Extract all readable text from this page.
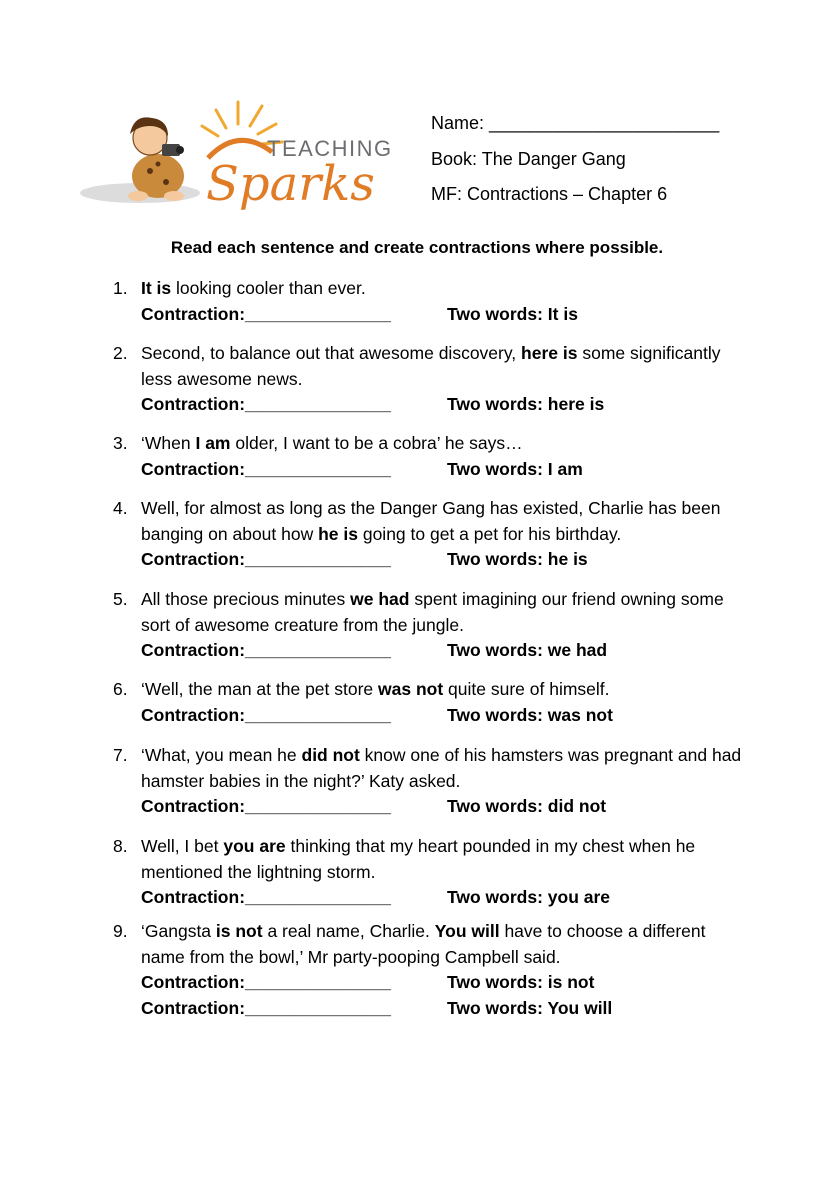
TEACHING
Sparks
Name: _______________________
Book: The Danger Gang
MF: Contractions – Chapter 6
Read each sentence and create contractions where possible.
1. It is looking cooler than ever.
Contraction:_______________	Two words: It is
2. Second, to balance out that awesome discovery, here is some significantly less awesome news.
Contraction:_______________	Two words: here is
3. ‘When I am older, I want to be a cobra’ he says…
Contraction:_______________	Two words: I am
4. Well, for almost as long as the Danger Gang has existed, Charlie has been banging on about how he is going to get a pet for his birthday.
Contraction:_______________	Two words: he is
5. All those precious minutes we had spent imagining our friend owning some sort of awesome creature from the jungle.
Contraction:_______________	Two words: we had
6. ‘Well, the man at the pet store was not quite sure of himself.
Contraction:_______________	Two words: was not
7. ‘What, you mean he did not know one of his hamsters was pregnant and had hamster babies in the night?’ Katy asked.
Contraction:_______________	Two words: did not
8. Well, I bet you are thinking that my heart pounded in my chest when he mentioned the lightning storm.
Contraction:_______________	Two words: you are
9. ‘Gangsta is not a real name, Charlie. You will have to choose a different name from the bowl,’ Mr party-pooping Campbell said.
Contraction:_______________	Two words: is not
Contraction:_______________	Two words: You will
